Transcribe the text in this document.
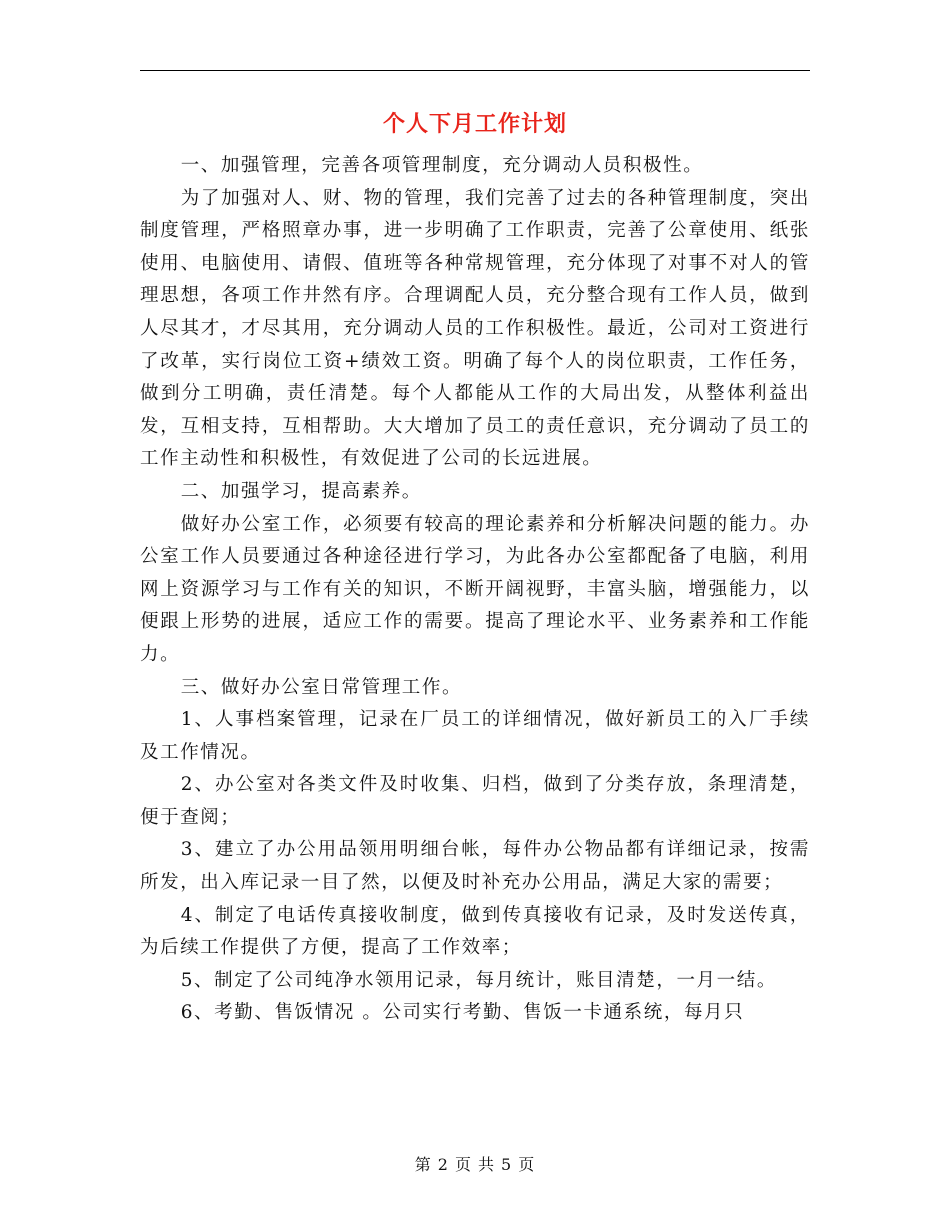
个人下月工作计划

一、加强管理，完善各项管理制度，充分调动人员积极性。

为了加强对人、财、物的管理，我们完善了过去的各种管理制度，突出制度管理，严格照章办事，进一步明确了工作职责，完善了公章使用、纸张使用、电脑使用、请假、值班等各种常规管理，充分体现了对事不对人的管理思想，各项工作井然有序。合理调配人员，充分整合现有工作人员，做到人尽其才，才尽其用，充分调动人员的工作积极性。最近，公司对工资进行了改革，实行岗位工资+绩效工资。明确了每个人的岗位职责，工作任务，做到分工明确，责任清楚。每个人都能从工作的大局出发，从整体利益出发，互相支持，互相帮助。大大增加了员工的责任意识，充分调动了员工的工作主动性和积极性，有效促进了公司的长远进展。

二、加强学习，提高素养。

做好办公室工作，必须要有较高的理论素养和分析解决问题的能力。办公室工作人员要通过各种途径进行学习，为此各办公室都配备了电脑，利用网上资源学习与工作有关的知识，不断开阔视野，丰富头脑，增强能力，以便跟上形势的进展，适应工作的需要。提高了理论水平、业务素养和工作能力。

三、做好办公室日常管理工作。

1、人事档案管理，记录在厂员工的详细情况，做好新员工的入厂手续及工作情况。

2、办公室对各类文件及时收集、归档，做到了分类存放，条理清楚，便于查阅；

3、建立了办公用品领用明细台帐，每件办公物品都有详细记录，按需所发，出入库记录一目了然，以便及时补充办公用品，满足大家的需要；

4、制定了电话传真接收制度，做到传真接收有记录，及时发送传真，为后续工作提供了方便，提高了工作效率；

5、制定了公司纯净水领用记录，每月统计，账目清楚，一月一结。

6、考勤、售饭情况 。公司实行考勤、售饭一卡通系统，每月只

第 2 页 共 5 页
